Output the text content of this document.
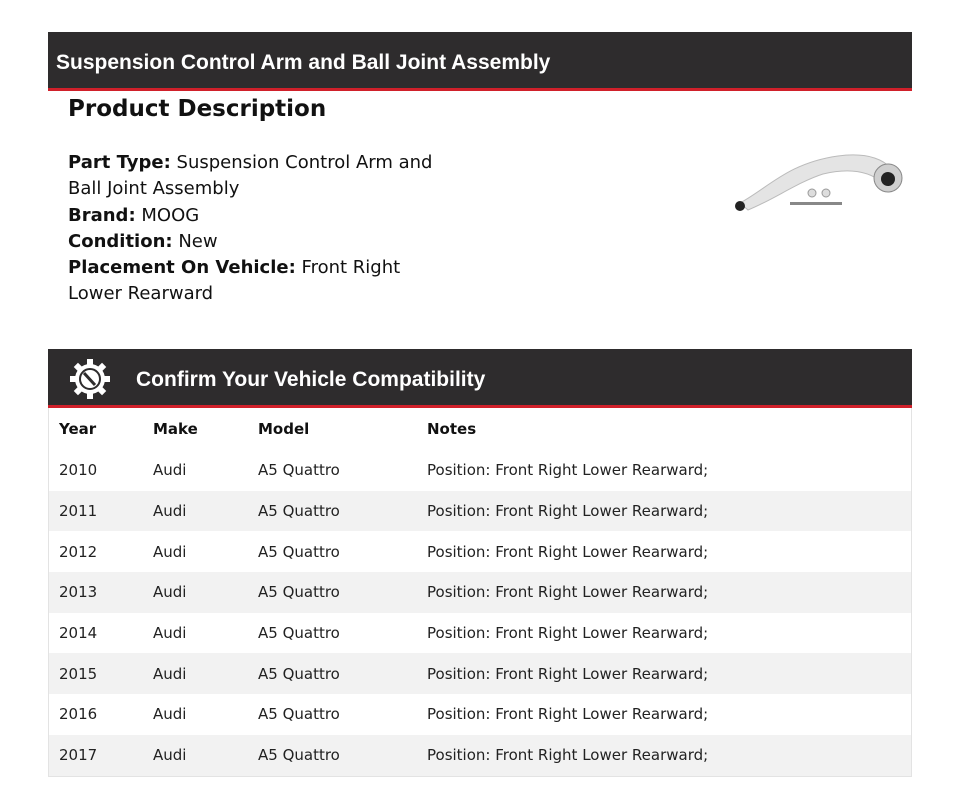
Suspension Control Arm and Ball Joint Assembly
Product Description
Part Type: Suspension Control Arm and Ball Joint Assembly
Brand: MOOG
Condition: New
Placement On Vehicle: Front Right Lower Rearward
Confirm Your Vehicle Compatibility
Year	Make	Model	Notes
2010	Audi	A5 Quattro	Position: Front Right Lower Rearward;
2011	Audi	A5 Quattro	Position: Front Right Lower Rearward;
2012	Audi	A5 Quattro	Position: Front Right Lower Rearward;
2013	Audi	A5 Quattro	Position: Front Right Lower Rearward;
2014	Audi	A5 Quattro	Position: Front Right Lower Rearward;
2015	Audi	A5 Quattro	Position: Front Right Lower Rearward;
2016	Audi	A5 Quattro	Position: Front Right Lower Rearward;
2017	Audi	A5 Quattro	Position: Front Right Lower Rearward;
